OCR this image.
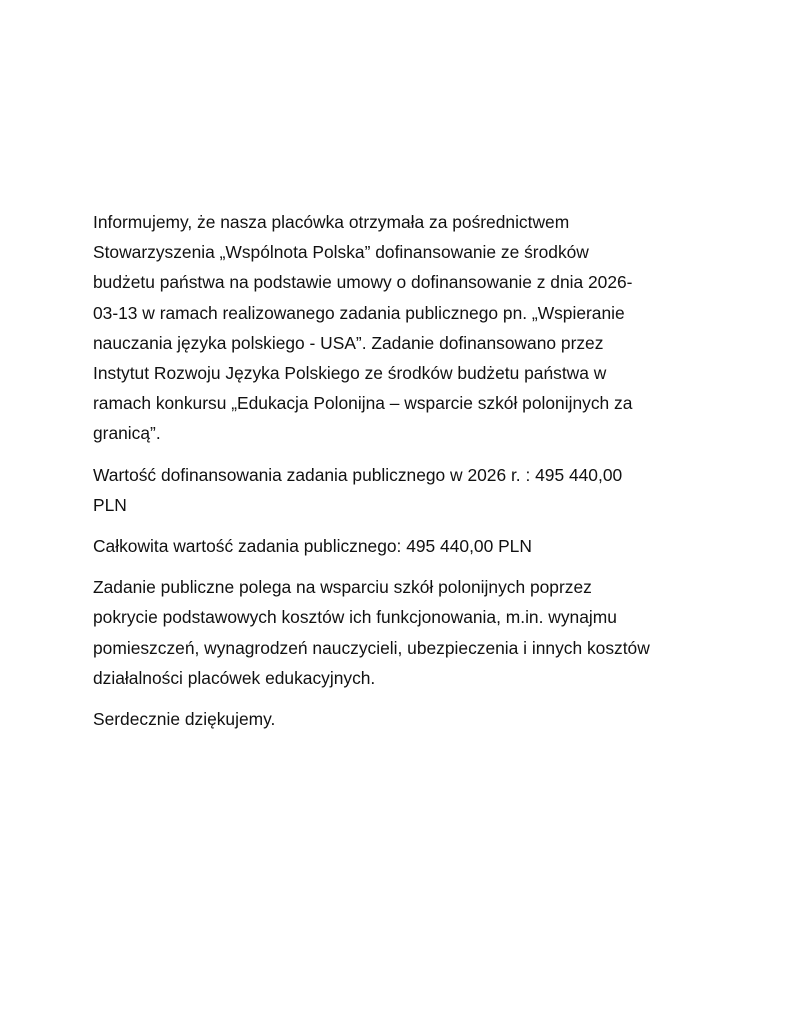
Informujemy, że nasza placówka otrzymała za pośrednictwem
Stowarzyszenia „Wspólnota Polska” dofinansowanie ze środków
budżetu państwa na podstawie umowy o dofinansowanie z dnia 2026-
03-13 w ramach realizowanego zadania publicznego pn. „Wspieranie
nauczania języka polskiego - USA”. Zadanie dofinansowano przez
Instytut Rozwoju Języka Polskiego ze środków budżetu państwa w
ramach konkursu „Edukacja Polonijna – wsparcie szkół polonijnych za
granicą”.

Wartość dofinansowania zadania publicznego w 2026 r. : 495 440,00
PLN

Całkowita wartość zadania publicznego: 495 440,00 PLN

Zadanie publiczne polega na wsparciu szkół polonijnych poprzez
pokrycie podstawowych kosztów ich funkcjonowania, m.in. wynajmu
pomieszczeń, wynagrodzeń nauczycieli, ubezpieczenia i innych kosztów
działalności placówek edukacyjnych.

Serdecznie dziękujemy.
